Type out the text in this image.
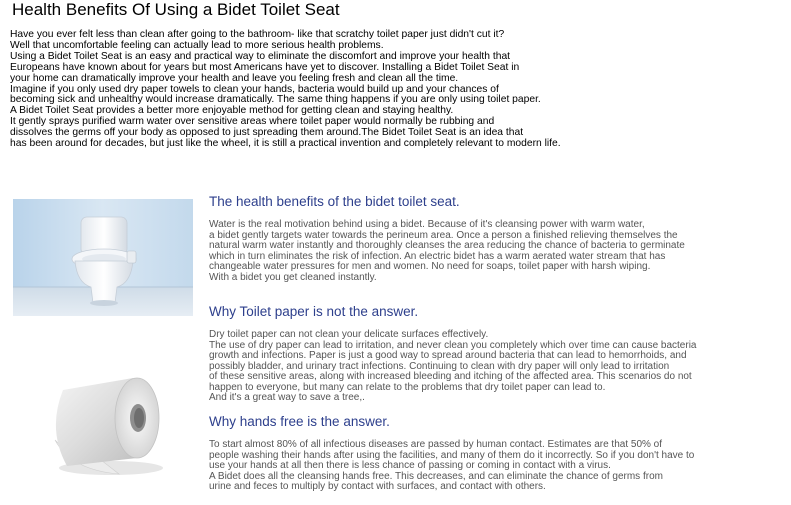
Health Benefits Of Using a Bidet Toilet Seat
Have you ever felt less than clean after going to the bathroom- like that scratchy toilet paper just didn't cut it?
Well that uncomfortable feeling can actually lead to more serious health problems.
Using a Bidet Toilet Seat is an easy and practical way to eliminate the discomfort and improve your health that
Europeans have known about for years but most Americans have yet to discover. Installing a Bidet Toilet Seat in
your home can dramatically improve your health and leave you feeling fresh and clean all the time.
Imagine if you only used dry paper towels to clean your hands, bacteria would build up and your chances of
becoming sick and unhealthy would increase dramatically. The same thing happens if you are only using toilet paper.
A Bidet Toilet Seat provides a better more enjoyable method for getting clean and staying healthy.
It gently sprays purified warm water over sensitive areas where toilet paper would normally be rubbing and
dissolves the germs off your body as opposed to just spreading them around.The Bidet Toilet Seat is an idea that
has been around for decades, but just like the wheel, it is still a practical invention and completely relevant to modern life.
The health benefits of the bidet toilet seat.
Water is the real motivation behind using a bidet. Because of it's cleansing power with warm water,
a bidet gently targets water towards the perineum area. Once a person a finished relieving themselves the
natural warm water instantly and thoroughly cleanses the area reducing the chance of bacteria to germinate
which in turn eliminates the risk of infection. An electric bidet has a warm aerated water stream that has
changeable water pressures for men and women. No need for soaps, toilet paper with harsh wiping.
With a bidet you get cleaned instantly.
Why Toilet paper is not the answer.
Dry toilet paper can not clean your delicate surfaces effectively.
The use of dry paper can lead to irritation, and never clean you completely which over time can cause bacteria
growth and infections. Paper is just a good way to spread around bacteria that can lead to hemorrhoids, and
possibly bladder, and urinary tract infections. Continuing to clean with dry paper will only lead to irritation
of these sensitive areas, along with increased bleeding and itching of the affected area. This scenarios do not
happen to everyone, but many can relate to the problems that dry toilet paper can lead to.
And it's a great way to save a tree,.
Why hands free is the answer.
To start almost 80% of all infectious diseases are passed by human contact. Estimates are that 50% of
people washing their hands after using the facilities, and many of them do it incorrectly. So if you don't have to
use your hands at all then there is less chance of passing or coming in contact with a virus.
A Bidet does all the cleansing hands free. This decreases, and can eliminate the chance of germs from
urine and feces to multiply by contact with surfaces, and contact with others.
